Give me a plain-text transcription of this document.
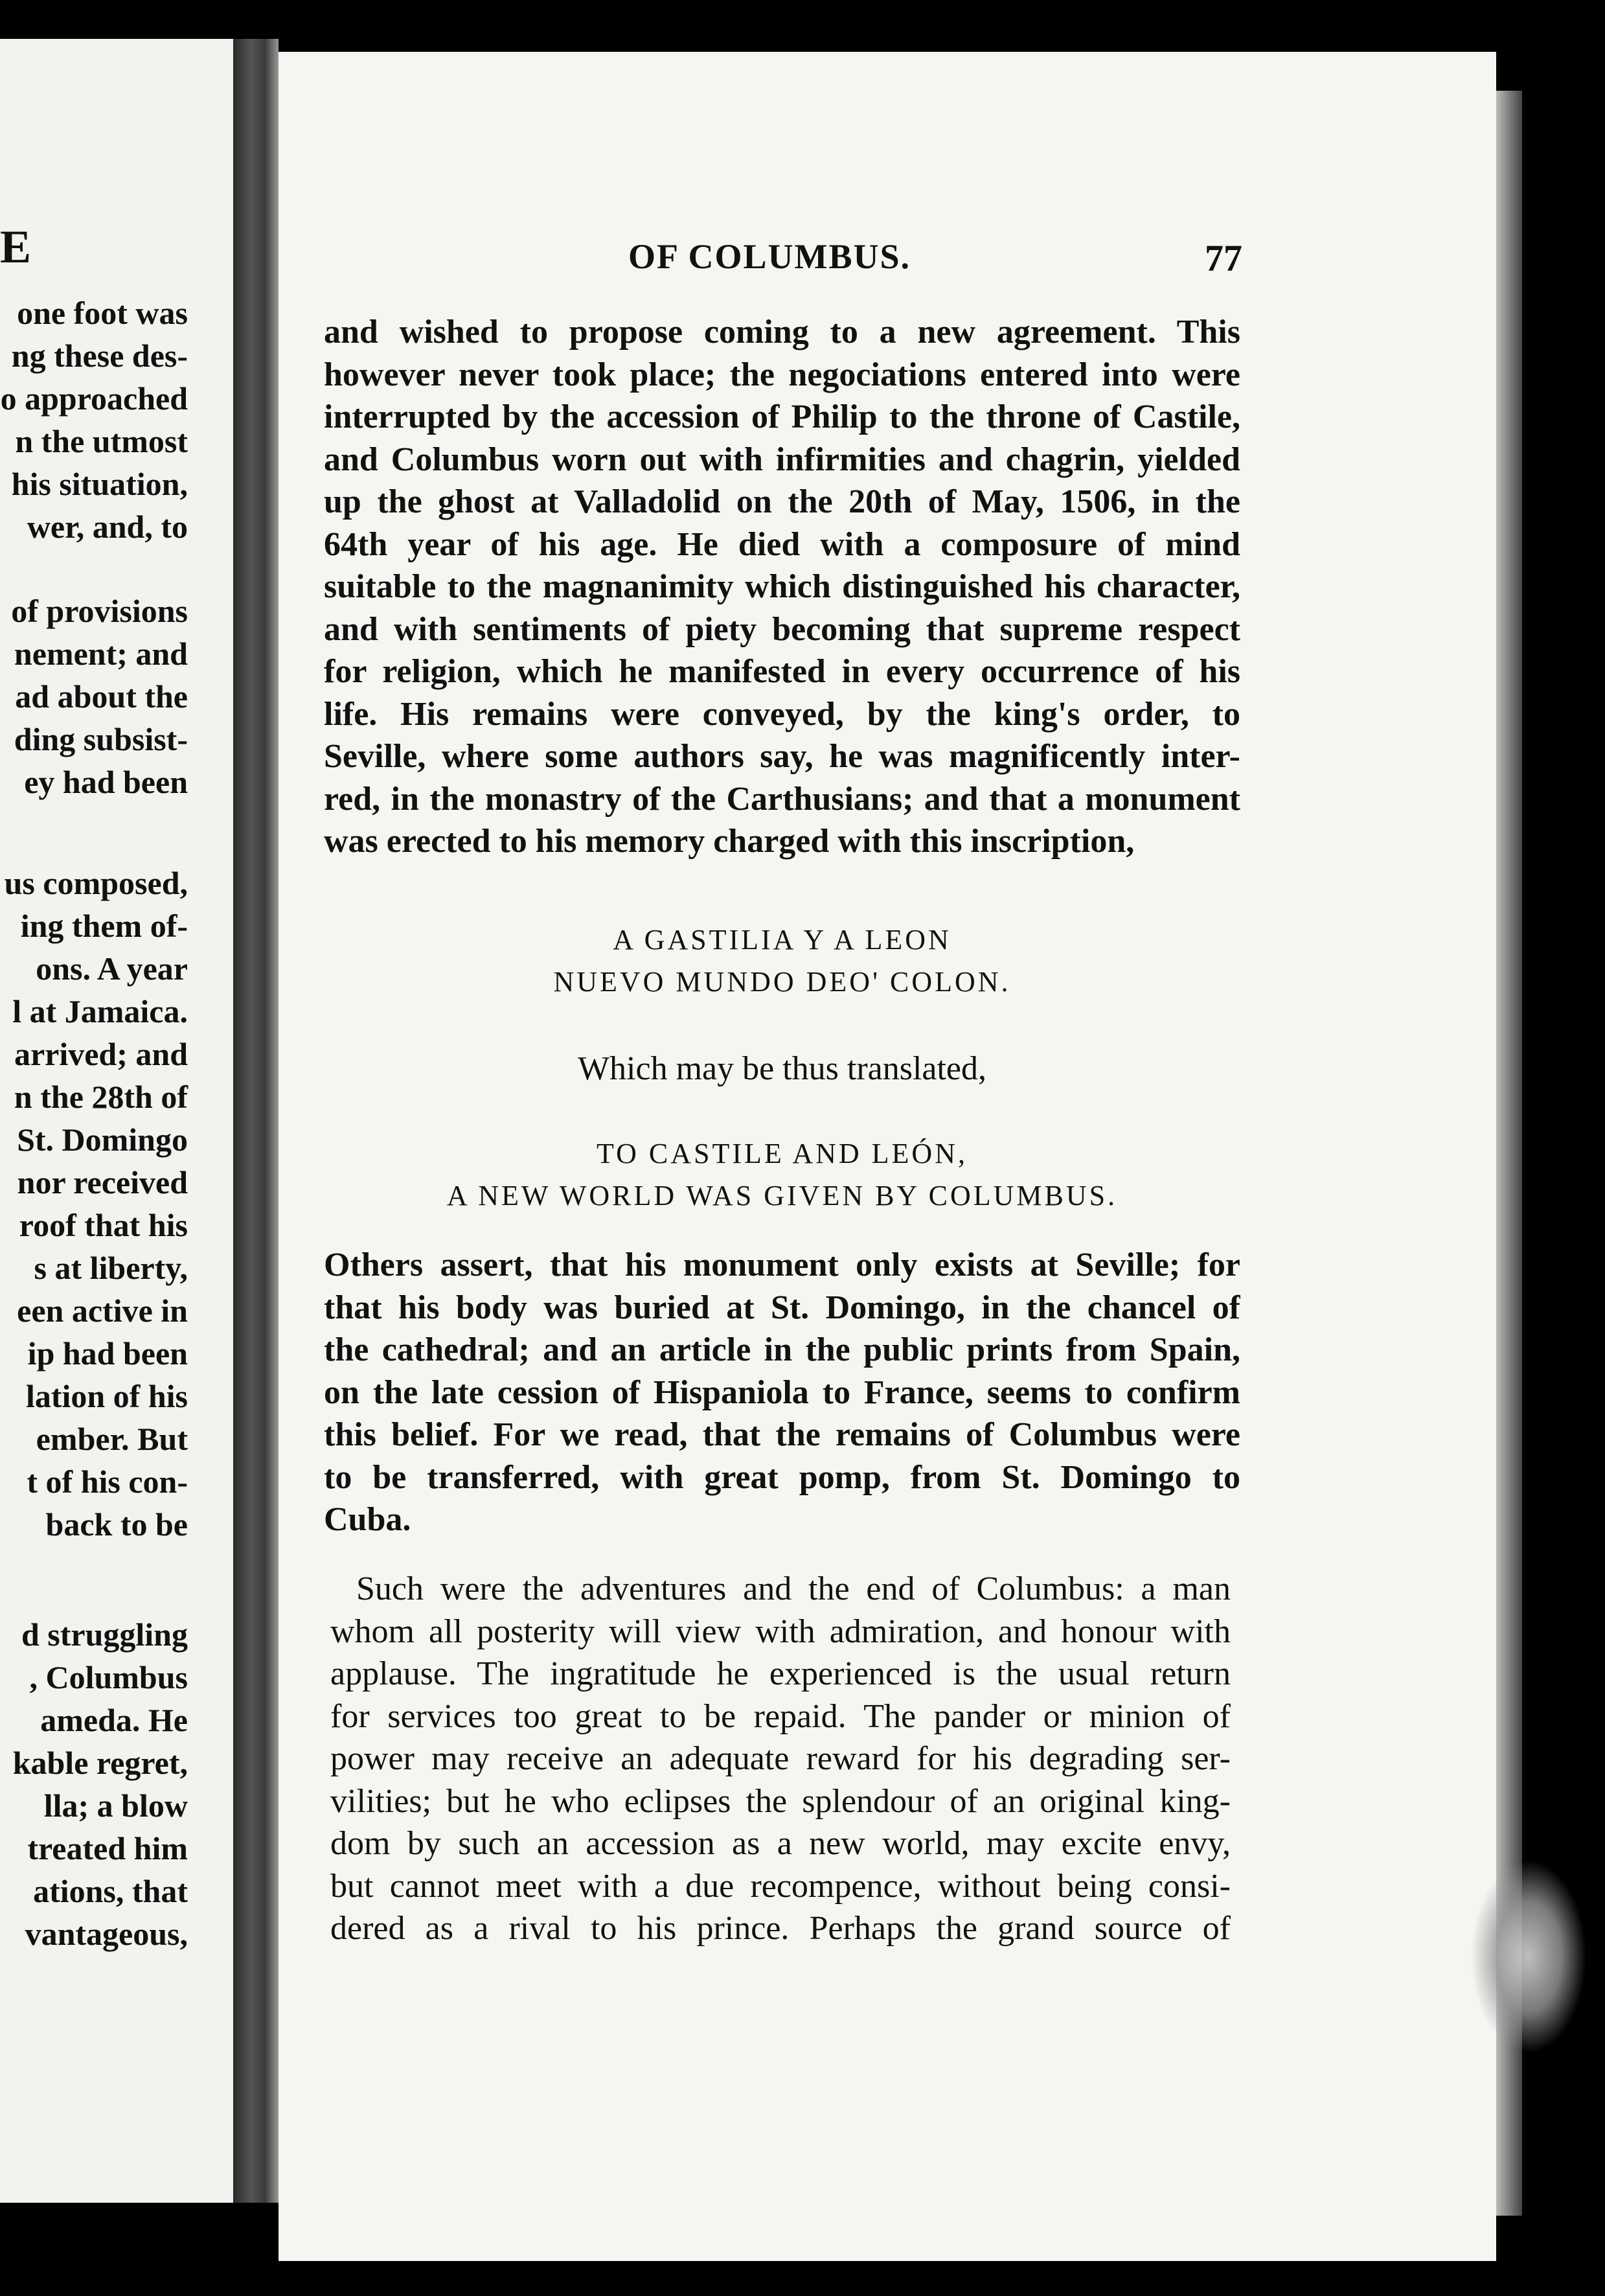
E
one foot was
ng these des-
o approached
n the utmost
his situation,
wer, and, to
of provisions
nement; and
ad about the
ding subsist-
ey had been
us composed,
ing them of-
ons. A year
l at Jamaica.
arrived; and
n the 28th of
St. Domingo
nor received
roof that his
s at liberty,
een active in
ip had been
lation of his
ember. But
t of his con-
back to be
d struggling
, Columbus
ameda. He
kable regret,
lla; a blow
treated him
ations, that
vantageous,
OF COLUMBUS.	77
and wished to propose coming to a new agreement. This
however never took place; the negociations entered into were
interrupted by the accession of Philip to the throne of Castile,
and Columbus worn out with infirmities and chagrin, yielded
up the ghost at Valladolid on the 20th of May, 1506, in the
64th year of his age. He died with a composure of mind
suitable to the magnanimity which distinguished his character,
and with sentiments of piety becoming that supreme respect
for religion, which he manifested in every occurrence of his
life. His remains were conveyed, by the king's order, to
Seville, where some authors say, he was magnificently inter-
red, in the monastry of the Carthusians; and that a monument
was erected to his memory charged with this inscription,
A GASTILIA Y A LEON
NUEVO MUNDO DEO' COLON.
Which may be thus translated,
TO CASTILE AND LEÓN,
A NEW WORLD WAS GIVEN BY COLUMBUS.
Others assert, that his monument only exists at Seville; for
that his body was buried at St. Domingo, in the chancel of
the cathedral; and an article in the public prints from Spain,
on the late cession of Hispaniola to France, seems to confirm
this belief. For we read, that the remains of Columbus were
to be transferred, with great pomp, from St. Domingo to
Cuba.
Such were the adventures and the end of Columbus: a man
whom all posterity will view with admiration, and honour with
applause. The ingratitude he experienced is the usual return
for services too great to be repaid. The pander or minion of
power may receive an adequate reward for his degrading ser-
vilities; but he who eclipses the splendour of an original king-
dom by such an accession as a new world, may excite envy,
but cannot meet with a due recompence, without being consi-
dered as a rival to his prince. Perhaps the grand source of
